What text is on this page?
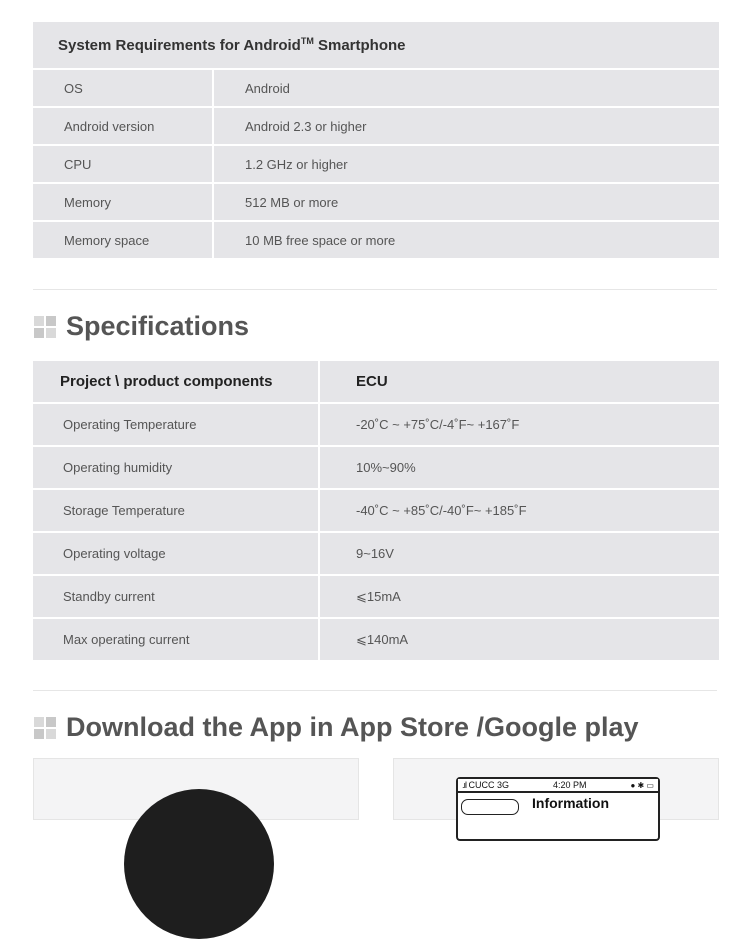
System Requirements for Android™ Smartphone	
OS	Android
Android version	Android 2.3 or higher
CPU	1.2 GHz or higher
Memory	512 MB or more
Memory space	10 MB free space or more
Specifications
Project \ product components	ECU
Operating Temperature	-20˚C ~ +75˚C/-4˚F~ +167˚F
Operating humidity	10%~90%
Storage Temperature	-40˚C ~ +85˚C/-40˚F~ +185˚F
Operating voltage	9~16V
Standby current	⩽15mA
Max operating current	⩽140mA
Download the App in App Store /Google play
.ıl CUCC 3G	4:20 PM	● ✱ ▭
Information
